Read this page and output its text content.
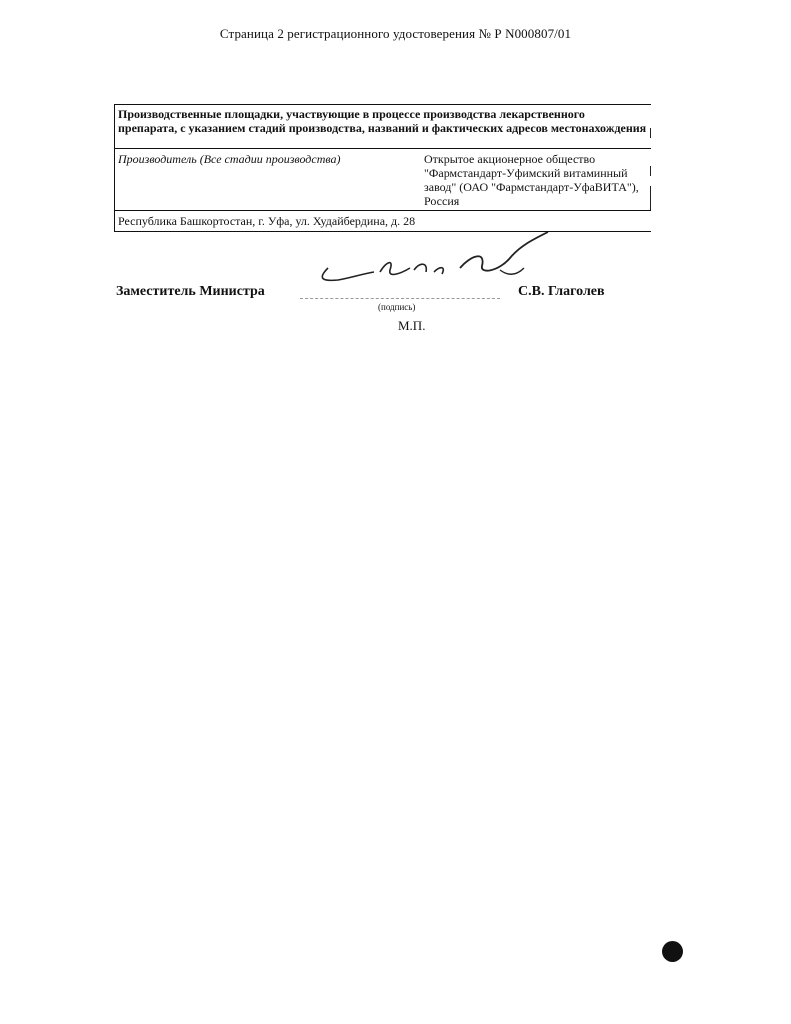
Страница 2 регистрационного удостоверения № Р N000807/01
Производственные площадки, участвующие в процессе производства лекарственного препарата, с указанием стадий производства, названий и фактических адресов местонахождения
Производитель (Все стадии производства)	Открытое акционерное общество "Фармстандарт-Уфимский витаминный завод" (ОАО "Фармстандарт-УфаВИТА"), Россия
Республика Башкортостан, г. Уфа, ул. Худайбердина, д. 28
Заместитель Министра
(подпись)
С.В. Глаголев
М.П.
